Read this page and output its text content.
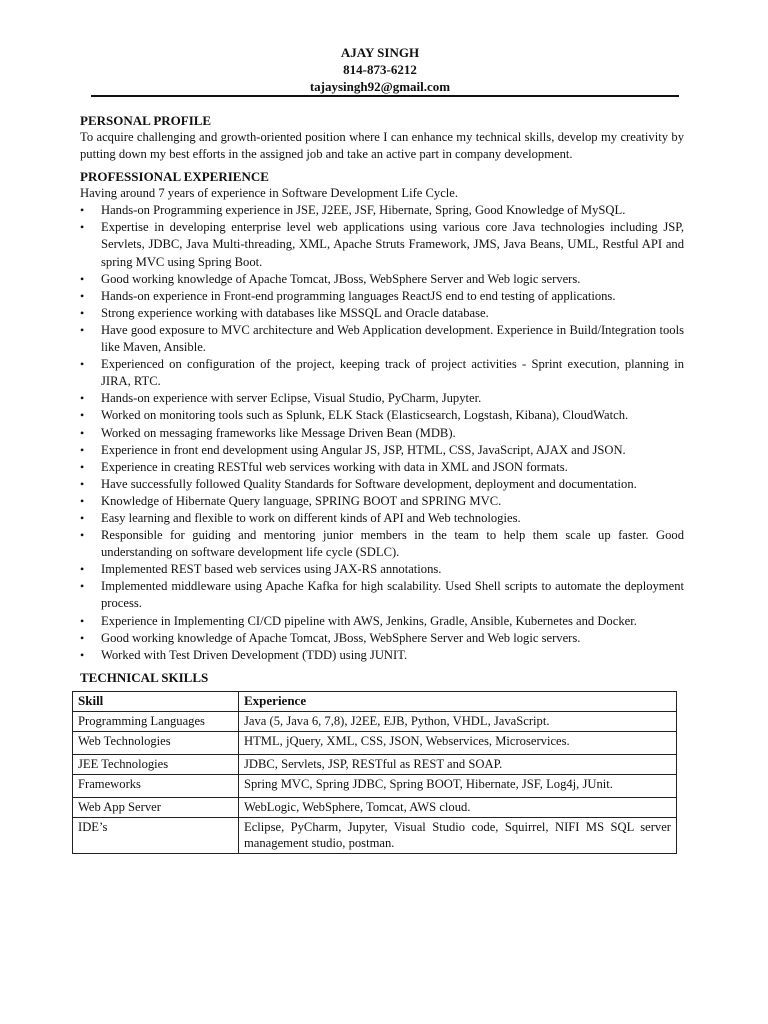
AJAY SINGH
814-873-6212
tajaysingh92@gmail.com

PERSONAL PROFILE

To acquire challenging and growth-oriented position where I can enhance my technical skills, develop my creativity by putting down my best efforts in the assigned job and take an active part in company development.

PROFESSIONAL EXPERIENCE

Having around 7 years of experience in Software Development Life Cycle.

• Hands-on Programming experience in JSE, J2EE, JSF, Hibernate, Spring, Good Knowledge of MySQL.
• Expertise in developing enterprise level web applications using various core Java technologies including JSP, Servlets, JDBC, Java Multi-threading, XML, Apache Struts Framework, JMS, Java Beans, UML, Restful API and spring MVC using Spring Boot.
• Good working knowledge of Apache Tomcat, JBoss, WebSphere Server and Web logic servers.
• Hands-on experience in Front-end programming languages ReactJS end to end testing of applications.
• Strong experience working with databases like MSSQL and Oracle database.
• Have good exposure to MVC architecture and Web Application development. Experience in Build/Integration tools like Maven, Ansible.
• Experienced on configuration of the project, keeping track of project activities - Sprint execution, planning in JIRA, RTC.
• Hands-on experience with server Eclipse, Visual Studio, PyCharm, Jupyter.
• Worked on monitoring tools such as Splunk, ELK Stack (Elasticsearch, Logstash, Kibana), CloudWatch.
• Worked on messaging frameworks like Message Driven Bean (MDB).
• Experience in front end development using Angular JS, JSP, HTML, CSS, JavaScript, AJAX and JSON.
• Experience in creating RESTful web services working with data in XML and JSON formats.
• Have successfully followed Quality Standards for Software development, deployment and documentation.
• Knowledge of Hibernate Query language, SPRING BOOT and SPRING MVC.
• Easy learning and flexible to work on different kinds of API and Web technologies.
• Responsible for guiding and mentoring junior members in the team to help them scale up faster. Good understanding on software development life cycle (SDLC).
• Implemented REST based web services using JAX-RS annotations.
• Implemented middleware using Apache Kafka for high scalability. Used Shell scripts to automate the deployment process.
• Experience in Implementing CI/CD pipeline with AWS, Jenkins, Gradle, Ansible, Kubernetes and Docker.
• Good working knowledge of Apache Tomcat, JBoss, WebSphere Server and Web logic servers.
• Worked with Test Driven Development (TDD) using JUNIT.

TECHNICAL SKILLS

Skill	Experience
Programming Languages	Java (5, Java 6, 7,8), J2EE, EJB, Python, VHDL, JavaScript.
Web Technologies	HTML, jQuery, XML, CSS, JSON, Webservices, Microservices.
JEE Technologies	JDBC, Servlets, JSP, RESTful as REST and SOAP.
Frameworks	Spring MVC, Spring JDBC, Spring BOOT, Hibernate, JSF, Log4j, JUnit.
Web App Server	WebLogic, WebSphere, Tomcat, AWS cloud.
IDE’s	Eclipse, PyCharm, Jupyter, Visual Studio code, Squirrel, NIFI MS SQL server management studio, postman.
